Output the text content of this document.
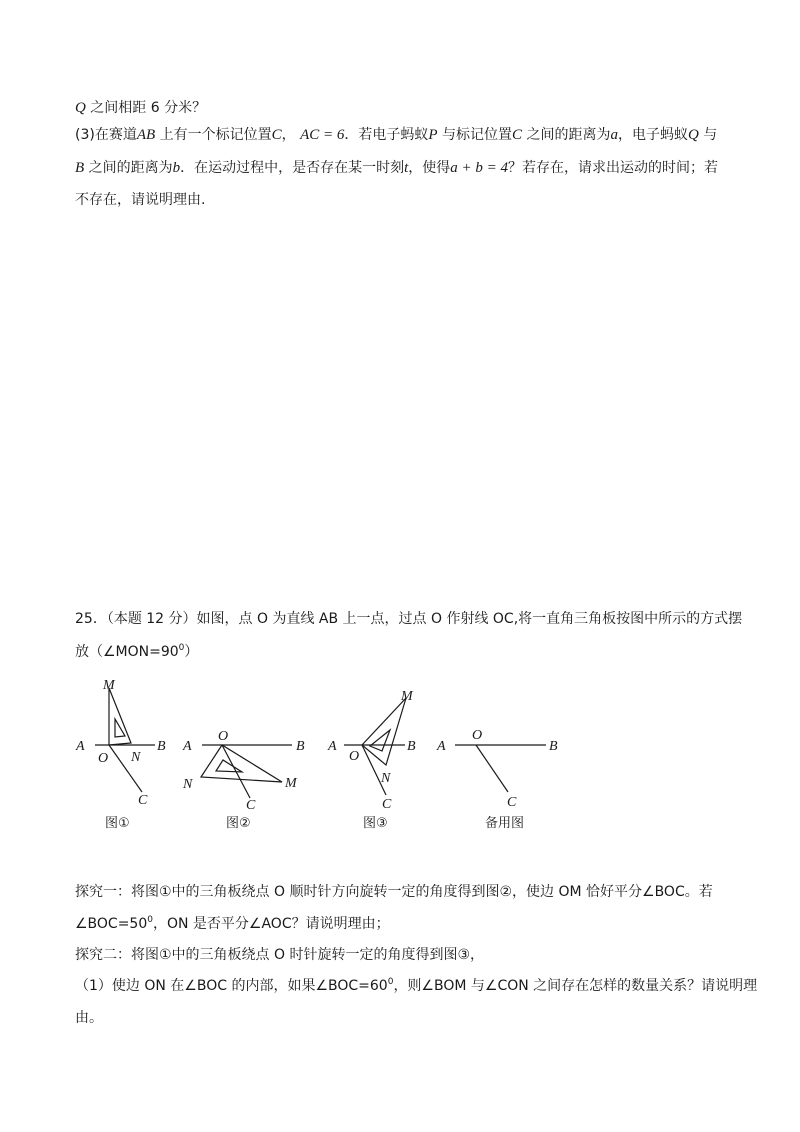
Q 之间相距 6 分米？
(3)在赛道AB 上有一个标记位置C， AC = 6．若电子蚂蚁P 与标记位置C 之间的距离为a，电子蚂蚁Q 与
B 之间的距离为b．在运动过程中，是否存在某一时刻t，使得a + b = 4？若存在，请求出运动的时间；若
不存在，请说明理由.
25．（本题 12 分）如图，点 O 为直线 AB 上一点，过点 O 作射线 OC,将一直角三角板按图中所示的方式摆
放$(\angle MON=90^0)$
M
A	B
O N
C
图①
A
O
B
N	M
C
图②
A
O
B
M
N
C
图③
A
O
B
C
备用图
探究一：将图①中的三角板绕点 O 顺时针方向旋转一定的角度得到图②，使边 OM 恰好平分∠BOC。若
$\angle BOC=50^0$，ON 是否平分∠AOC？请说明理由；
探究二：将图①中的三角板绕点 O 时针旋转一定的角度得到图③，
（1）使边 ON 在∠BOC 的内部，如果$\angle BOC=60^0$，则∠BOM 与∠CON 之间存在怎样的数量关系？请说明理
由。
